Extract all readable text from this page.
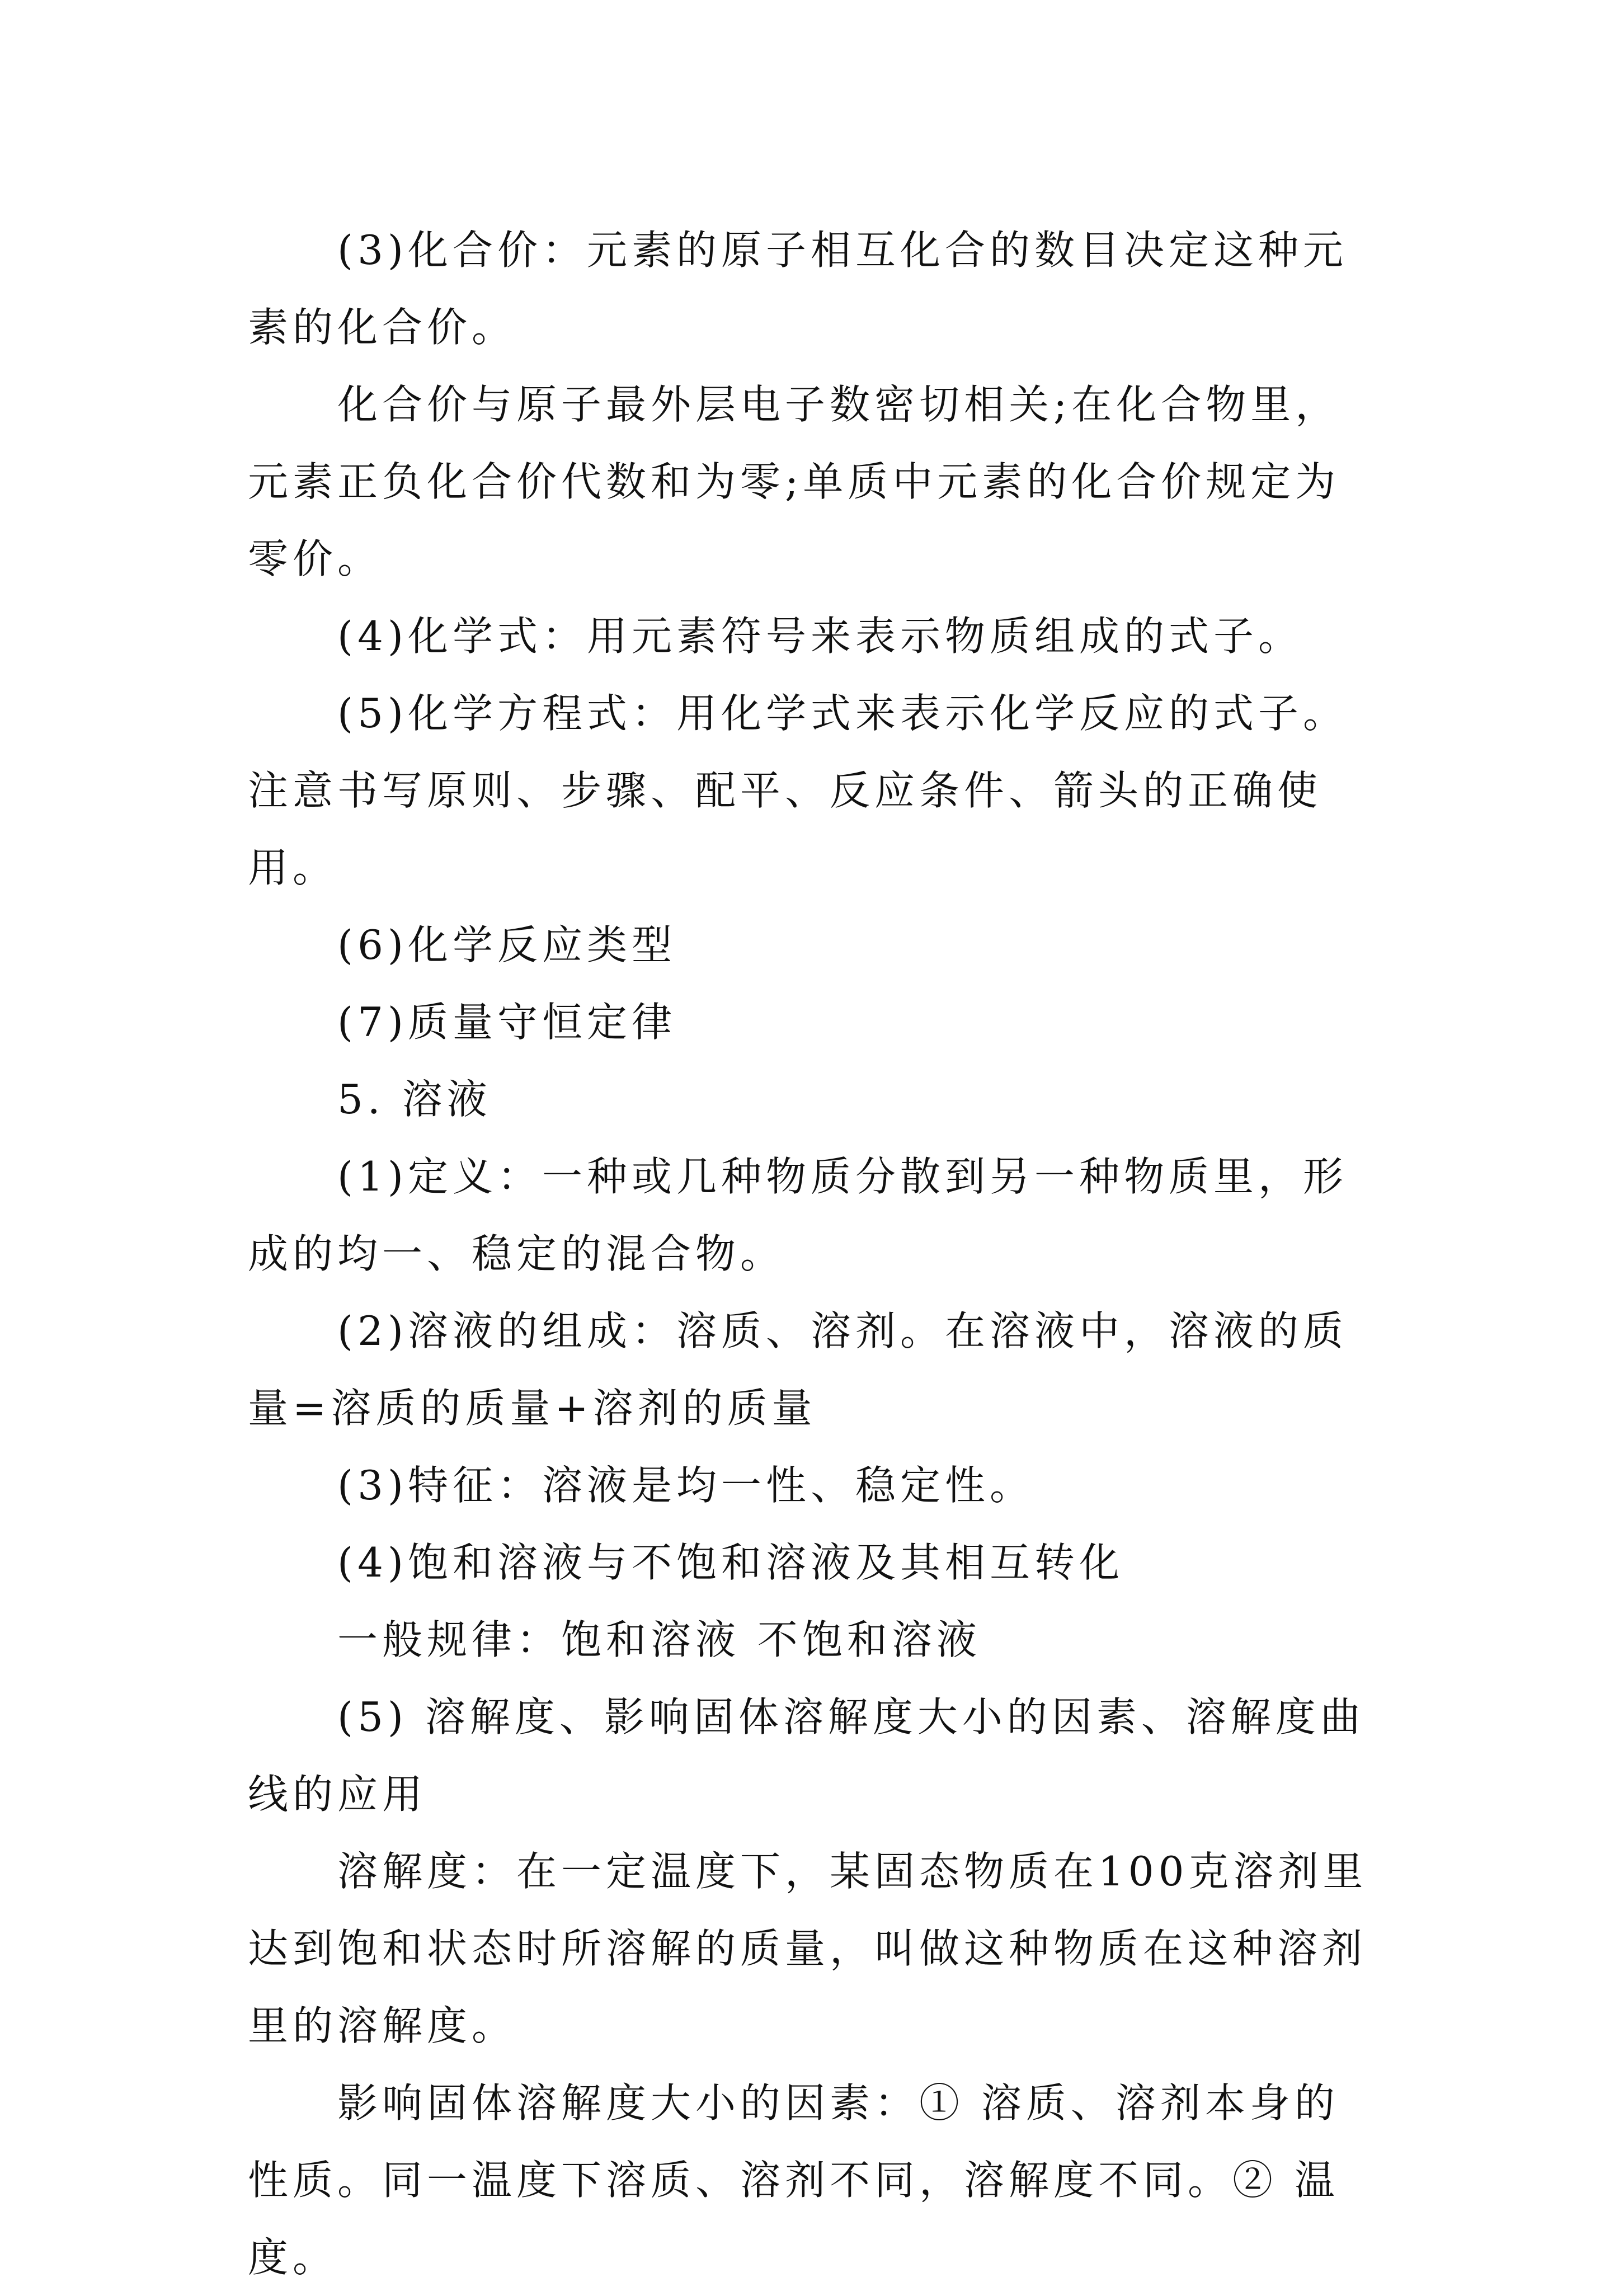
(3)化合价：元素的原子相互化合的数目决定这种元素的化合价。

化合价与原子最外层电子数密切相关;在化合物里，元素正负化合价代数和为零;单质中元素的化合价规定为零价。

(4)化学式：用元素符号来表示物质组成的式子。

(5)化学方程式：用化学式来表示化学反应的式子。注意书写原则、步骤、配平、反应条件、箭头的正确使用。

(6)化学反应类型

(7)质量守恒定律

5. 溶液

(1)定义：一种或几种物质分散到另一种物质里，形成的均一、稳定的混合物。

(2)溶液的组成：溶质、溶剂。在溶液中，溶液的质量=溶质的质量+溶剂的质量

(3)特征：溶液是均一性、稳定性。

(4)饱和溶液与不饱和溶液及其相互转化

一般规律：饱和溶液 不饱和溶液

(5) 溶解度、影响固体溶解度大小的因素、溶解度曲线的应用

溶解度：在一定温度下，某固态物质在100克溶剂里达到饱和状态时所溶解的质量，叫做这种物质在这种溶剂里的溶解度。

影响固体溶解度大小的因素：① 溶质、溶剂本身的性质。同一温度下溶质、溶剂不同，溶解度不同。② 温度。
